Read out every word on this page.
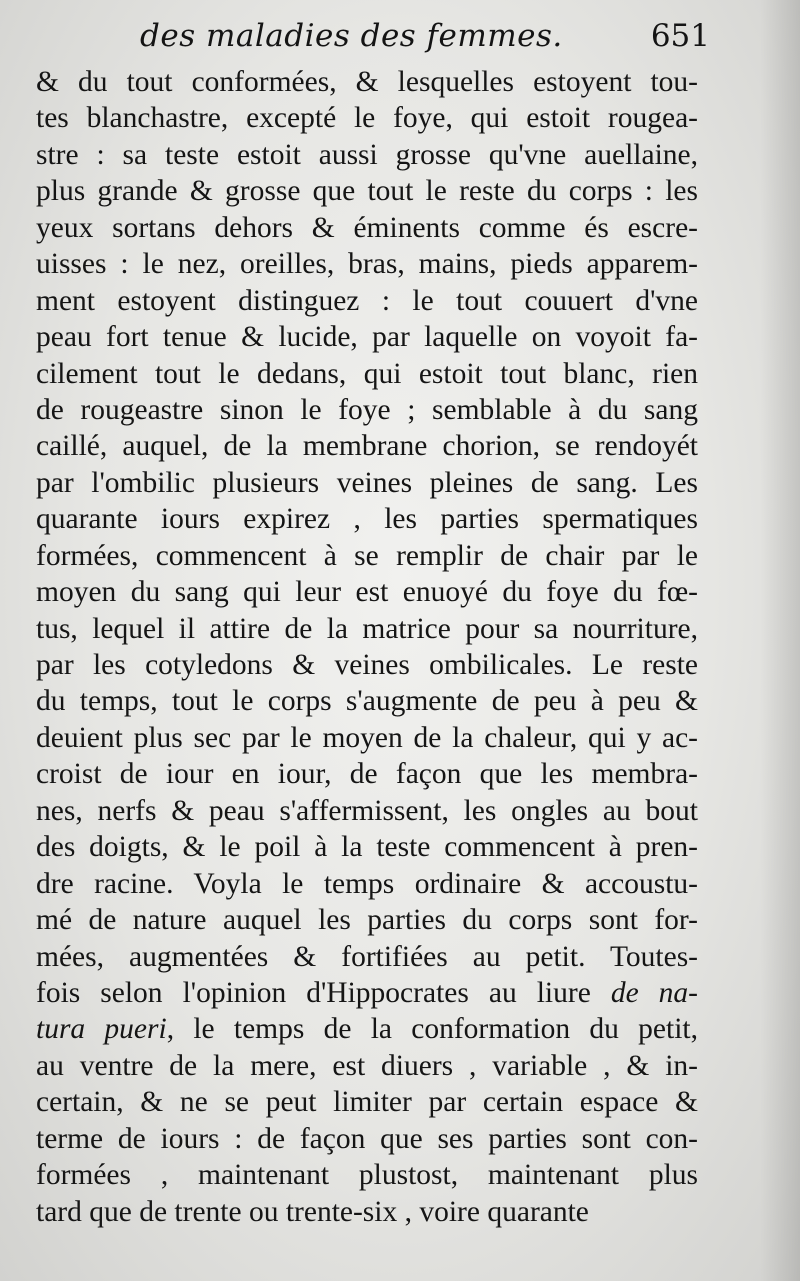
des maladies des femmes.	651
& du tout conformées, & lesquelles estoyent tou-
tes blanchastre, excepté le foye, qui estoit rougea-
stre : sa teste estoit aussi grosse qu'vne auellaine,
plus grande & grosse que tout le reste du corps : les
yeux sortans dehors & éminents comme és escre-
uisses : le nez, oreilles, bras, mains, pieds apparem-
ment estoyent distinguez : le tout couuert d'vne
peau fort tenue & lucide, par laquelle on voyoit fa-
cilement tout le dedans, qui estoit tout blanc, rien
de rougeastre sinon le foye ; semblable à du sang
caillé, auquel, de la membrane chorion, se rendoyét
par l'ombilic plusieurs veines pleines de sang. Les
quarante iours expirez , les parties spermatiques
formées, commencent à se remplir de chair par le
moyen du sang qui leur est enuoyé du foye du fœ-
tus, lequel il attire de la matrice pour sa nourriture,
par les cotyledons & veines ombilicales. Le reste
du temps, tout le corps s'augmente de peu à peu &
deuient plus sec par le moyen de la chaleur, qui y ac-
croist de iour en iour, de façon que les membra-
nes, nerfs & peau s'affermissent, les ongles au bout
des doigts, & le poil à la teste commencent à pren-
dre racine. Voyla le temps ordinaire & accoustu-
mé de nature auquel les parties du corps sont for-
mées, augmentées & fortifiées au petit. Toutes-
fois selon l'opinion d'Hippocrates au liure de na-
tura pueri, le temps de la conformation du petit,
au ventre de la mere, est diuers , variable , & in-
certain, & ne se peut limiter par certain espace &
terme de iours : de façon que ses parties sont con-
formées , maintenant plustost, maintenant plus
tard que de trente ou trente-six , voire quarante
